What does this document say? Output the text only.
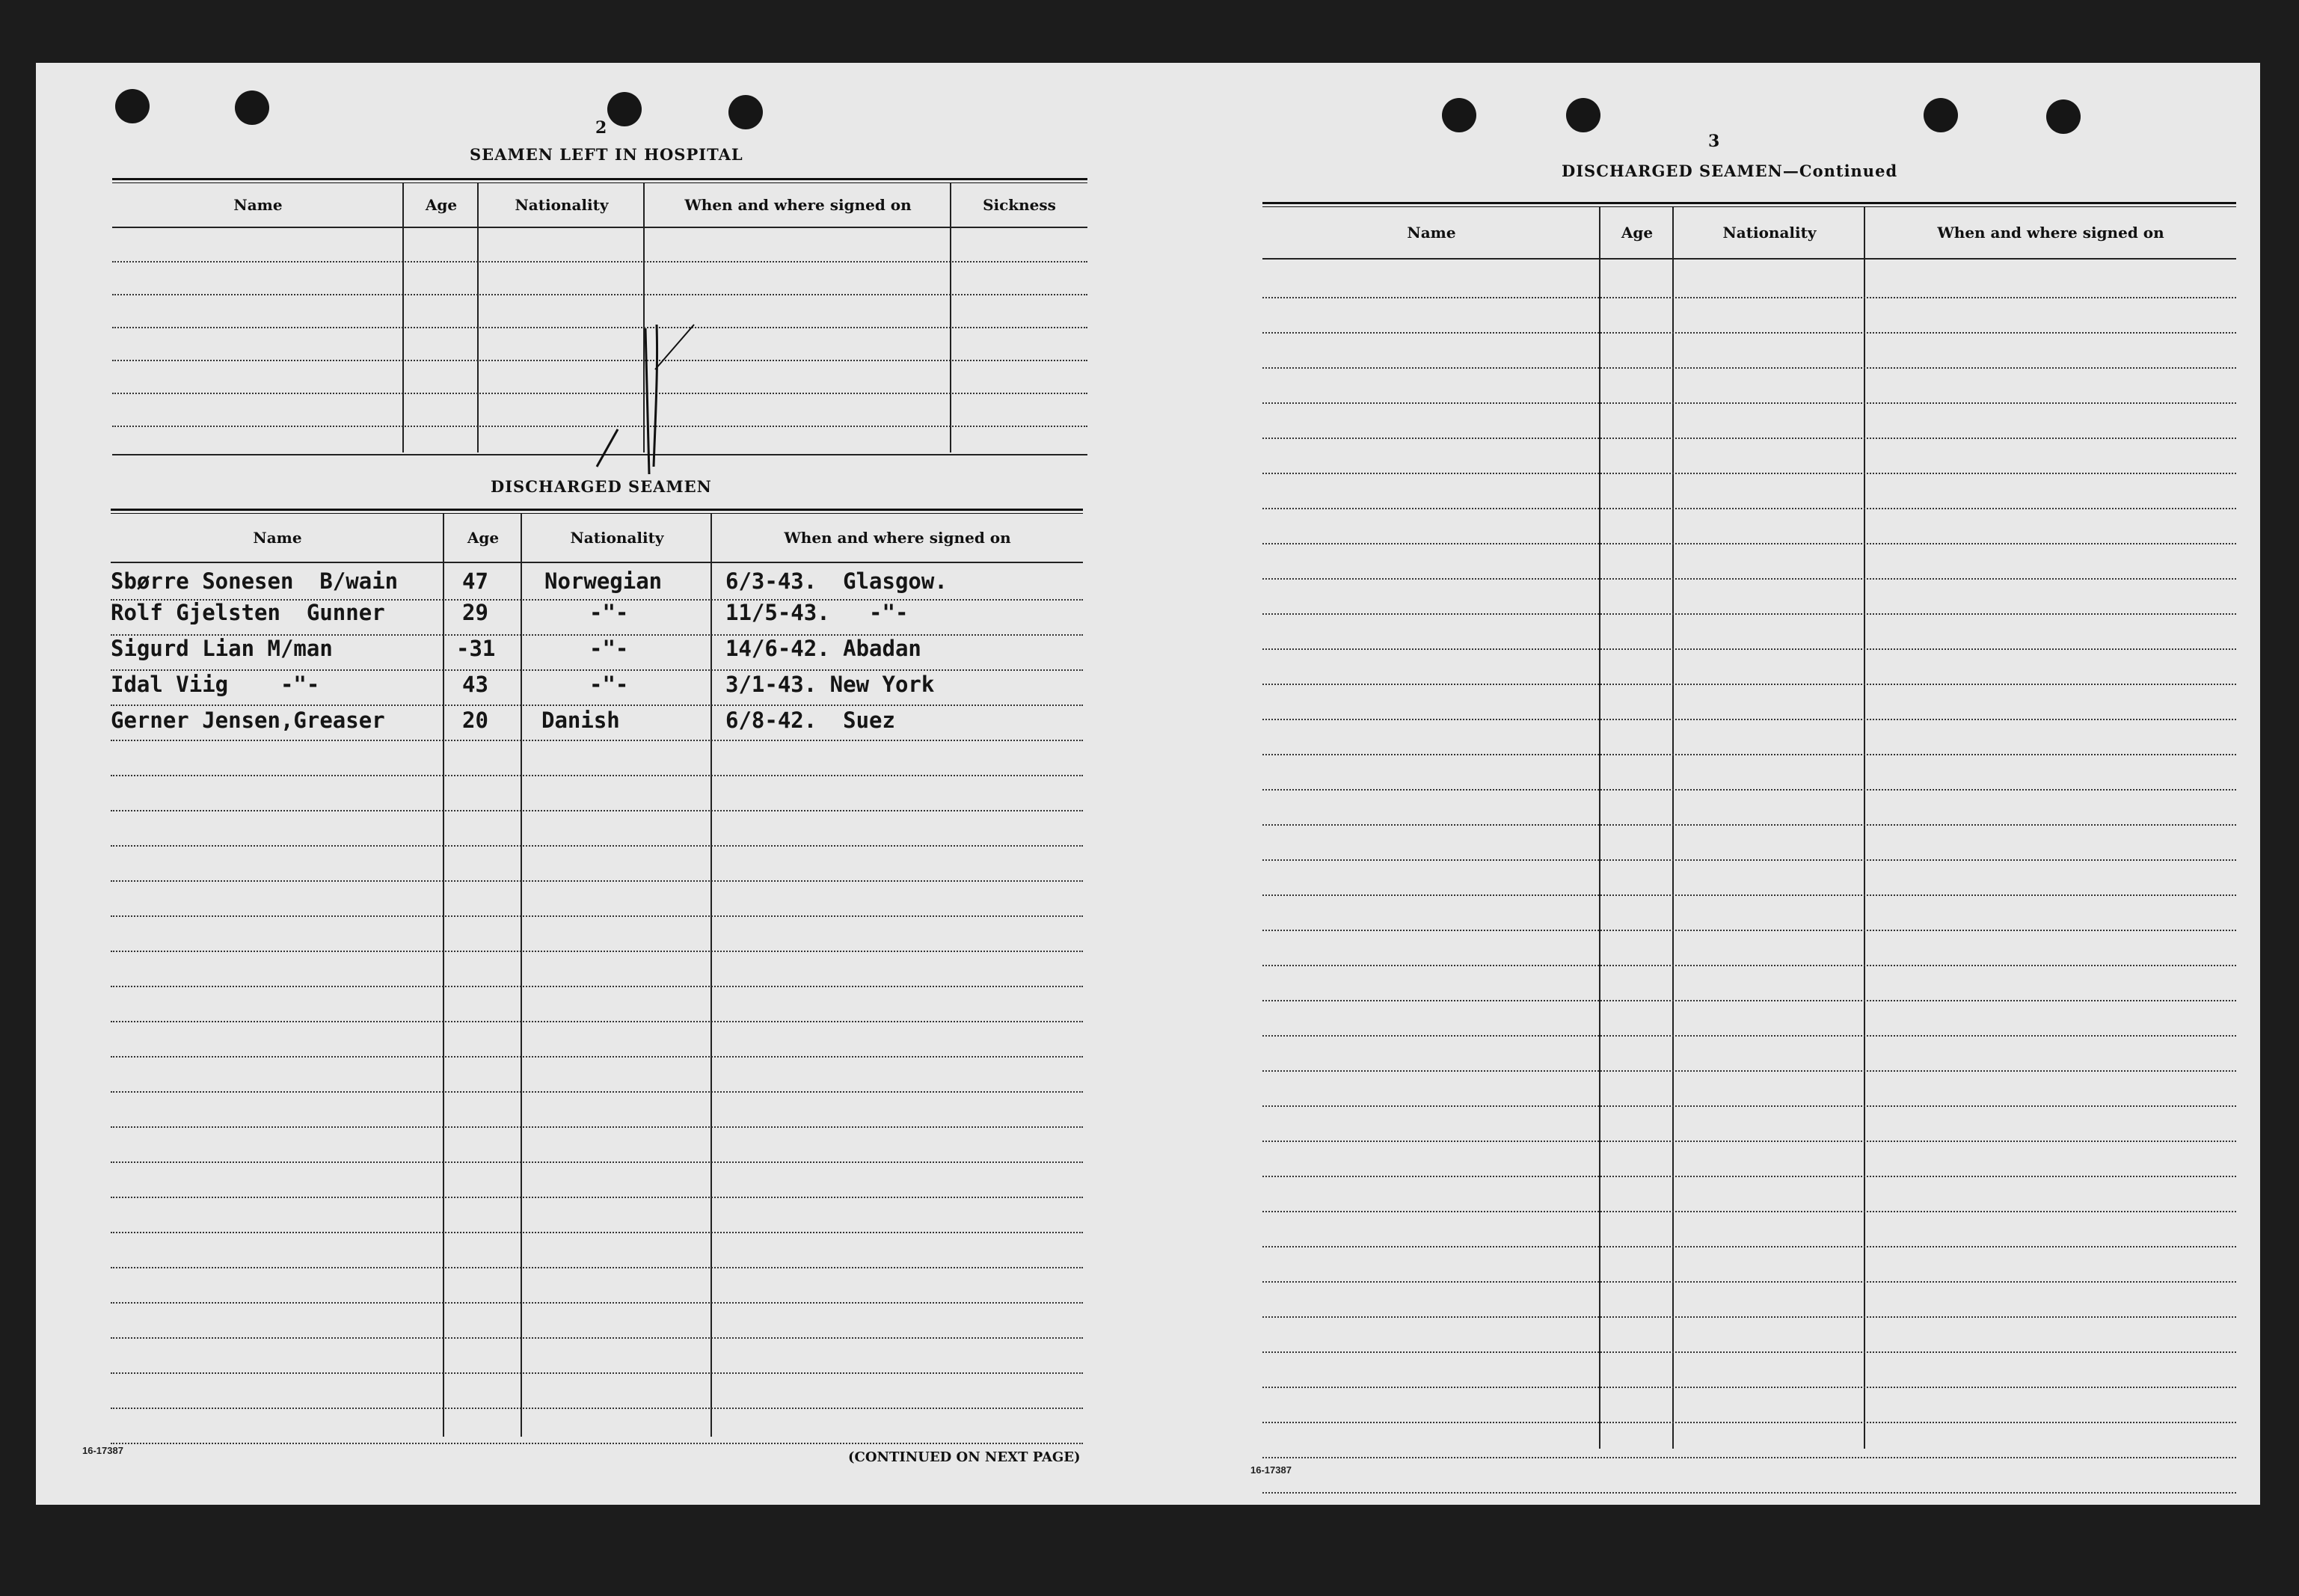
2
SEAMEN LEFT IN HOSPITAL
Name	Age	Nationality	When and where signed on	Sickness
DISCHARGED SEAMEN
Name	Age	Nationality	When and where signed on
Sbørre Sonesen  B/wain	47	Norwegian	6/3-43.  Glasgow.
Rolf Gjelsten  Gunner	29	-"-	11/5-43.   -"-
Sigurd Lian M/man	-31	-"-	14/6-42. Abadan
Idal Viig    -"-	43	-"-	3/1-43. New York
Gerner Jensen,Greaser	20 Danish	6/8-42.  Suez
16-17387	(CONTINUED ON NEXT PAGE)
3
DISCHARGED SEAMEN—Continued
Name	Age	Nationality	When and where signed on
16-17387
